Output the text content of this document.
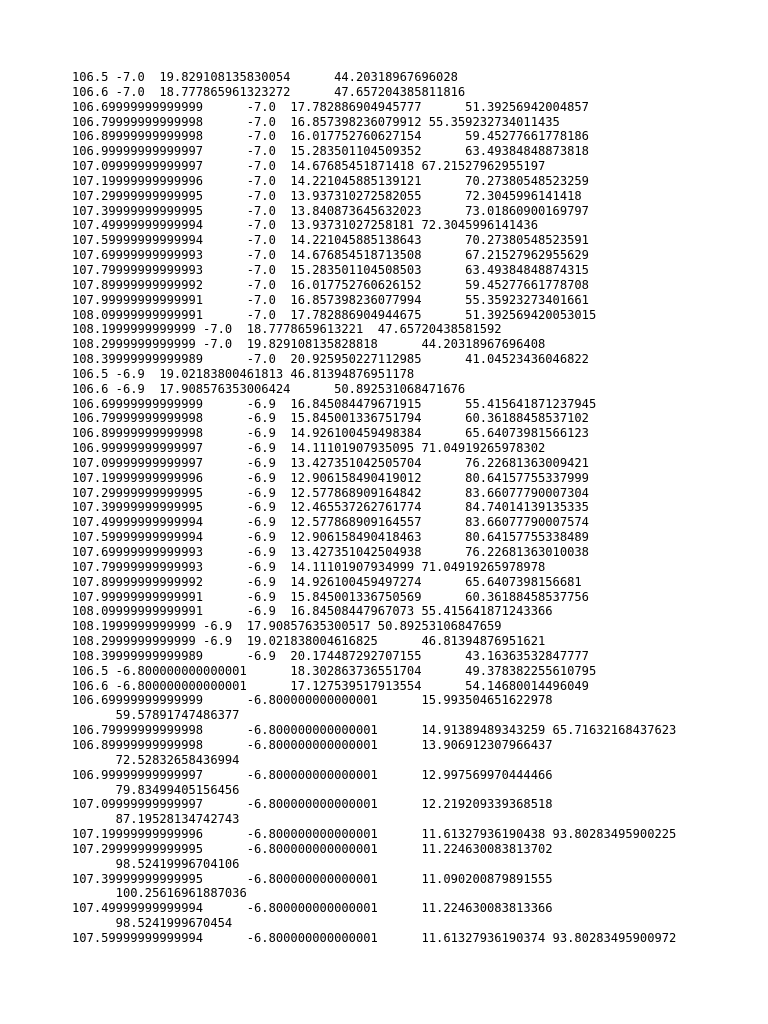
106.5 -7.0  19.829108135830054      44.20318967696028
106.6 -7.0  18.777865961323272      47.657204385811816
106.69999999999999      -7.0  17.782886904945777      51.39256942004857
106.79999999999998      -7.0  16.857398236079912 55.359232734011435
106.89999999999998      -7.0  16.017752760627154      59.45277661778186
106.99999999999997      -7.0  15.283501104509352      63.49384848873818
107.09999999999997      -7.0  14.67685451871418 67.21527962955197
107.19999999999996      -7.0  14.221045885139121      70.27380548523259
107.29999999999995      -7.0  13.937310272582055      72.3045996141418
107.39999999999995      -7.0  13.840873645632023      73.01860900169797
107.49999999999994      -7.0  13.93731027258181 72.3045996141436
107.59999999999994      -7.0  14.221045885138643      70.27380548523591
107.69999999999993      -7.0  14.676854518713508      67.21527962955629
107.79999999999993      -7.0  15.283501104508503      63.49384848874315
107.89999999999992      -7.0  16.017752760626152      59.45277661778708
107.99999999999991      -7.0  16.857398236077994      55.35923273401661
108.09999999999991      -7.0  17.782886904944675      51.392569420053015
108.1999999999999 -7.0  18.7778659613221  47.65720438581592
108.2999999999999 -7.0  19.829108135828818      44.20318967696408
108.39999999999989      -7.0  20.925950227112985      41.04523436046822
106.5 -6.9  19.02183800461813 46.81394876951178
106.6 -6.9  17.908576353006424      50.892531068471676
106.69999999999999      -6.9  16.845084479671915      55.415641871237945
106.79999999999998      -6.9  15.845001336751794      60.36188458537102
106.89999999999998      -6.9  14.926100459498384      65.64073981566123
106.99999999999997      -6.9  14.11101907935095 71.04919265978302
107.09999999999997      -6.9  13.427351042505704      76.22681363009421
107.19999999999996      -6.9  12.906158490419012      80.64157755337999
107.29999999999995      -6.9  12.577868909164842      83.66077790007304
107.39999999999995      -6.9  12.465537262761774      84.74014139135335
107.49999999999994      -6.9  12.577868909164557      83.66077790007574
107.59999999999994      -6.9  12.906158490418463      80.64157755338489
107.69999999999993      -6.9  13.427351042504938      76.22681363010038
107.79999999999993      -6.9  14.11101907934999 71.04919265978978
107.89999999999992      -6.9  14.926100459497274      65.6407398156681
107.99999999999991      -6.9  15.845001336750569      60.36188458537756
108.09999999999991      -6.9  16.84508447967073 55.415641871243366
108.1999999999999 -6.9  17.90857635300517 50.89253106847659
108.2999999999999 -6.9  19.021838004616825      46.81394876951621
108.39999999999989      -6.9  20.174487292707155      43.16363532847777
106.5 -6.800000000000001      18.302863736551704      49.378382255610795
106.6 -6.800000000000001      17.127539517913554      54.14680014496049
106.69999999999999      -6.800000000000001      15.993504651622978
59.57891747486377
106.79999999999998      -6.800000000000001      14.91389489343259 65.71632168437623
106.89999999999998      -6.800000000000001      13.906912307966437
72.52832658436994
106.99999999999997      -6.800000000000001      12.997569970444466
79.83499405156456
107.09999999999997      -6.800000000000001      12.219209339368518
87.19528134742743
107.19999999999996      -6.800000000000001      11.61327936190438 93.80283495900225
107.29999999999995      -6.800000000000001      11.224630083813702
98.52419996704106
107.39999999999995      -6.800000000000001      11.090200879891555
100.25616961887036
107.49999999999994      -6.800000000000001      11.224630083813366
98.5241999670454
107.59999999999994      -6.800000000000001      11.61327936190374 93.80283495900972
